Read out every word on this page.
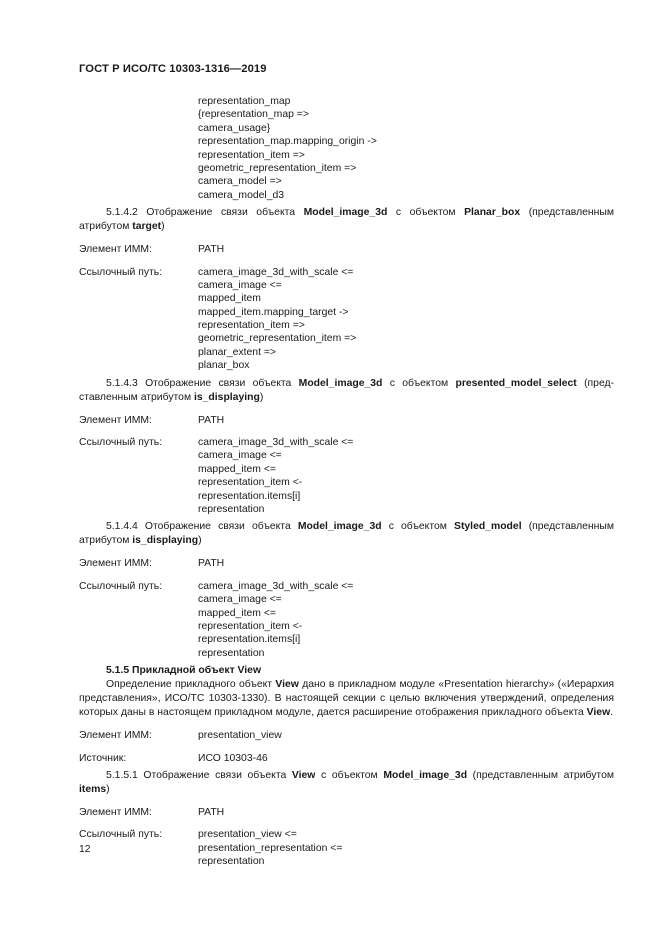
ГОСТ Р ИСО/ТС 10303-1316—2019
representation_map
{representation_map =>
camera_usage}
representation_map.mapping_origin ->
representation_item =>
geometric_representation_item =>
camera_model =>
camera_model_d3
5.1.4.2 Отображение связи объекта Model_image_3d с объектом Planar_box (представленным атрибутом target)
Элемент ИММ:	PATH
Ссылочный путь:	camera_image_3d_with_scale <=
camera_image <=
mapped_item
mapped_item.mapping_target ->
representation_item =>
geometric_representation_item =>
planar_extent =>
planar_box
5.1.4.3 Отображение связи объекта Model_image_3d с объектом presented_model_select (пред-ставленным атрибутом is_displaying)
Элемент ИММ:	PATH
Ссылочный путь:	camera_image_3d_with_scale <=
camera_image <=
mapped_item <=
representation_item <-
representation.items[i]
representation
5.1.4.4 Отображение связи объекта Model_image_3d с объектом Styled_model (представленным атрибутом is_displaying)
Элемент ИММ:	PATH
Ссылочный путь:	camera_image_3d_with_scale <=
camera_image <=
mapped_item <=
representation_item <-
representation.items[i]
representation
5.1.5 Прикладной объект View
Определение прикладного объект View дано в прикладном модуле «Presentation hierarchy» («Иерархия представления», ИСО/ТС 10303-1330). В настоящей секции с целью включения утверждений, определения которых даны в настоящем прикладном модуле, дается расширение отображения прикладного объекта View.
Элемент ИММ:	presentation_view
Источник:	ИСО 10303-46
5.1.5.1 Отображение связи объекта View с объектом Model_image_3d (представленным атрибутом items)
Элемент ИММ:	PATH
Ссылочный путь:	presentation_view <=
presentation_representation <=
representation
12
